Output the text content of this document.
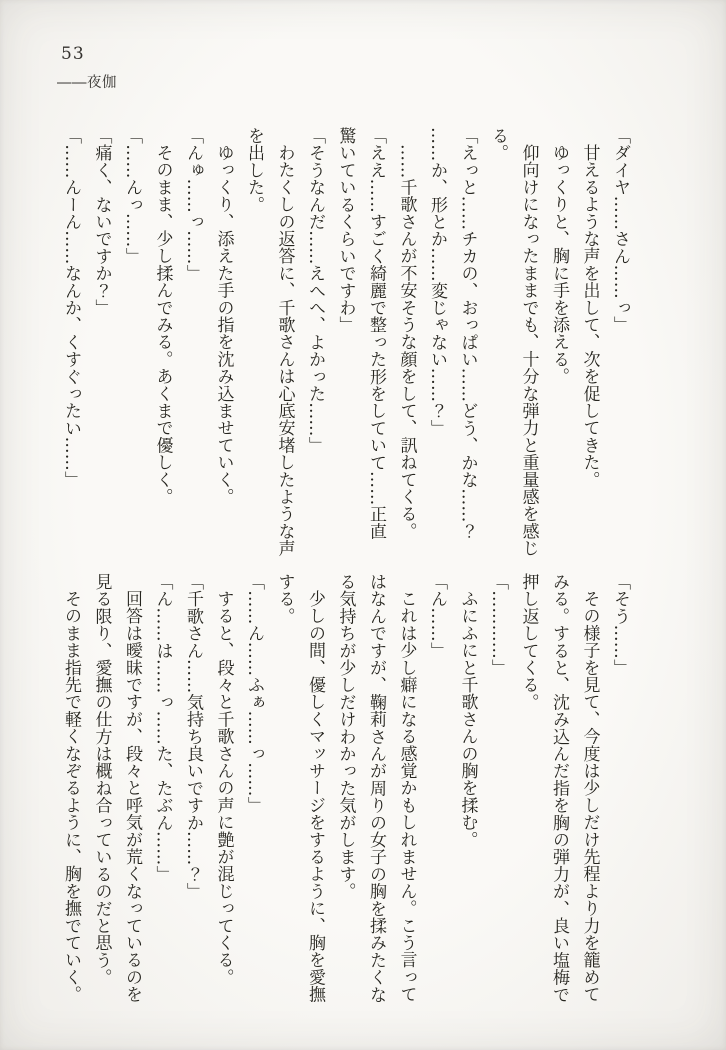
53
――夜伽
「ダイヤ……さん……っ」
甘えるような声を出して、次を促してきた。
ゆっくりと、胸に手を添える。
仰向けになったままでも、十分な弾力と重量感を感じ
る。
「えっと……チカの、おっぱい……どう、かな……？
……か、形とか……変じゃない……？」
……千歌さんが不安そうな顔をして、訊ねてくる。
「ええ……すごく綺麗で整った形をしていて……正直
驚いているくらいですわ」
「そうなんだ……えへへ、よかった……」
わたくしの返答に、千歌さんは心底安堵したような声
を出した。
ゆっくり、添えた手の指を沈み込ませていく。
「んゅ……っ……」
そのまま、少し揉んでみる。あくまで優しく。
「……んっ……」
「痛く、ないですか？」
「……んーん……なんか、くすぐったい……」
「そう……」
その様子を見て、今度は少しだけ先程より力を籠めて
みる。すると、沈み込んだ指を胸の弾力が、良い塩梅で
押し返してくる。
「…………」
ふにふにと千歌さんの胸を揉む。
「ん……」
これは少し癖になる感覚かもしれません。こう言って
はなんですが、鞠莉さんが周りの女子の胸を揉みたくな
る気持ちが少しだけわかった気がします。
少しの間、優しくマッサージをするように、胸を愛撫
する。
「……ん……ふぁ……っ……」
すると、段々と千歌さんの声に艶が混じってくる。
「千歌さん……気持ち良いですか……？」
「ん……は……っ……た、たぶん……」
回答は曖昧ですが、段々と呼気が荒くなっているのを
見る限り、愛撫の仕方は概ね合っているのだと思う。
そのまま指先で軽くなぞるように、胸を撫でていく。
